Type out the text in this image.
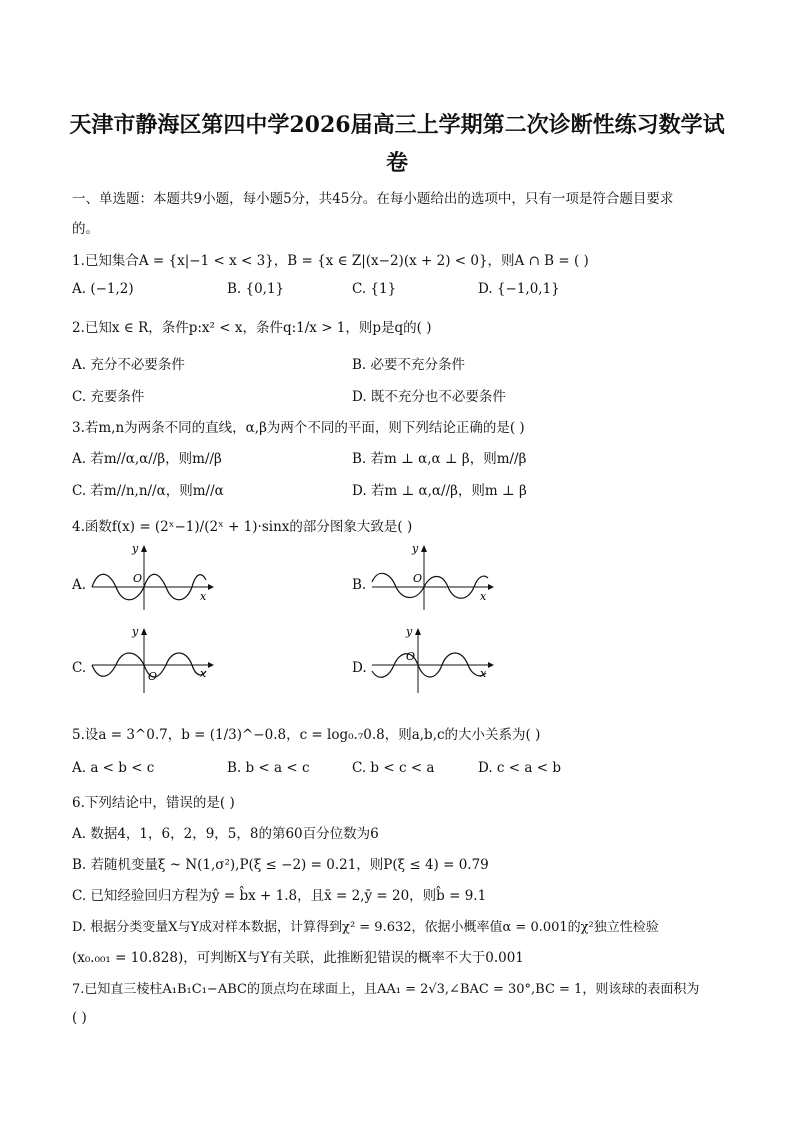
天津市静海区第四中学2026届高三上学期第二次诊断性练习数学试
卷
一、单选题：本题共9小题，每小题5分，共45分。在每小题给出的选项中，只有一项是符合题目要求
的。
1.已知集合A = {x|−1 < x < 3}，B = {x ∈ Z|(x−2)(x + 2) < 0}，则A ∩ B = ( )
A. (−1,2)	B. {0,1}	C. {1}	D. {−1,0,1}
2.已知x ∈ R，条件p:x² < x，条件q:1/x > 1，则p是q的( )
A. 充分不必要条件	B. 必要不充分条件
C. 充要条件	D. 既不充分也不必要条件
3.若m,n为两条不同的直线，α,β为两个不同的平面，则下列结论正确的是( )
A. 若m//α,α//β，则m//β	B. 若m ⊥ α,α ⊥ β，则m//β
C. 若m//n,n//α，则m//α	D. 若m ⊥ α,α//β，则m ⊥ β
4.函数f(x) = (2ˣ−1)/(2ˣ + 1)·sinx的部分图象大致是( )
A.	B.
C.	D.
y
x
O
y
x
O
y
x
O
y
x
O
5.设a = 3^0.7，b = (1/3)^−0.8，c = log₀.₇0.8，则a,b,c的大小关系为( )
A. a < b < c	B. b < a < c	C. b < c < a	D. c < a < b
6.下列结论中，错误的是( )
A. 数据4，1，6，2，9，5，8的第60百分位数为6
B. 若随机变量ξ ~ N(1,σ²),P(ξ ≤ −2) = 0.21，则P(ξ ≤ 4) = 0.79
C. 已知经验回归方程为ŷ = b̂x + 1.8，且x̄ = 2,ȳ = 20，则b̂ = 9.1
D. 根据分类变量X与Y成对样本数据，计算得到χ² = 9.632，依据小概率值α = 0.001的χ²独立性检验
(x₀.₀₀₁ = 10.828)，可判断X与Y有关联，此推断犯错误的概率不大于0.001
7.已知直三棱柱A₁B₁C₁−ABC的顶点均在球面上，且AA₁ = 2√3,∠BAC = 30°,BC = 1，则该球的表面积为
( )
